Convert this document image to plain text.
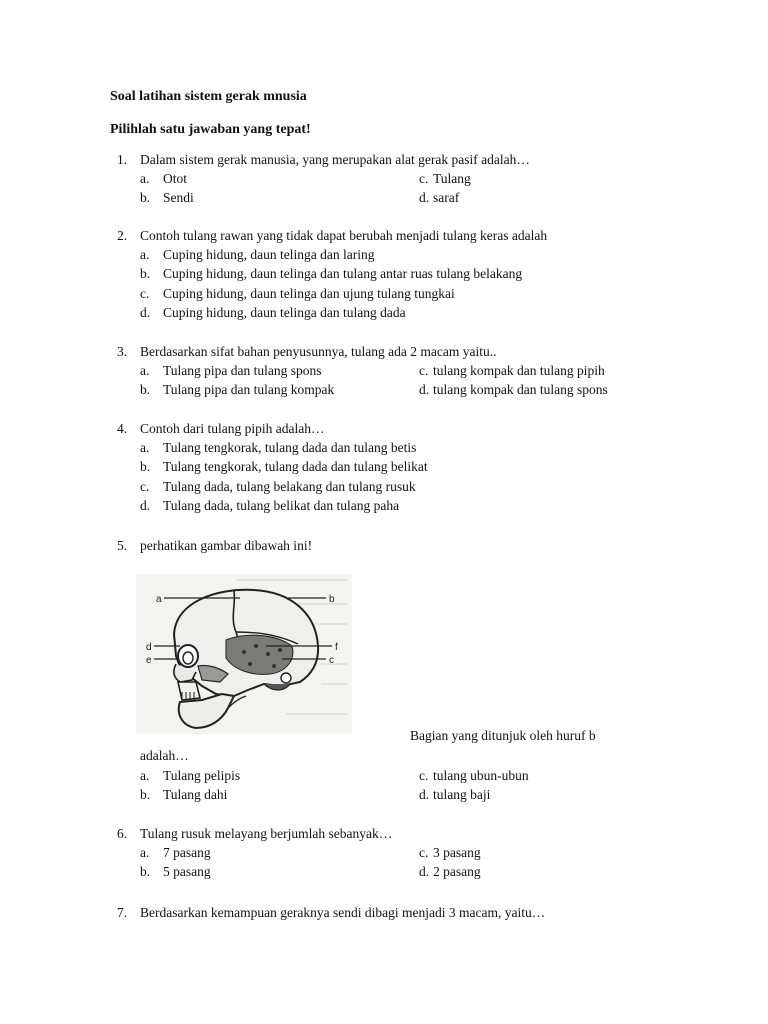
Soal latihan sistem gerak mnusia
Pilihlah satu jawaban yang tepat!
1. Dalam sistem gerak manusia, yang merupakan alat gerak pasif adalah…
a. Otot	c. Tulang
b. Sendi	d. saraf
2. Contoh tulang rawan yang tidak dapat berubah menjadi tulang keras adalah
a. Cuping hidung, daun telinga dan laring
b. Cuping hidung, daun telinga dan tulang antar ruas tulang belakang
c. Cuping hidung, daun telinga dan ujung tulang tungkai
d. Cuping hidung, daun telinga dan tulang dada
3. Berdasarkan sifat bahan penyusunnya, tulang ada 2 macam yaitu..
a. Tulang pipa dan tulang spons	c. tulang kompak dan tulang pipih
b. Tulang pipa dan tulang kompak	d. tulang kompak dan tulang spons
4. Contoh dari tulang pipih adalah…
a. Tulang tengkorak, tulang dada dan tulang betis
b. Tulang tengkorak, tulang dada dan tulang belikat
c. Tulang dada, tulang belakang dan tulang rusuk
d. Tulang dada, tulang belikat dan tulang paha
5. perhatikan gambar dibawah ini!
a	b
d	f
e	c
Bagian yang ditunjuk oleh huruf b
adalah…
a. Tulang pelipis	c. tulang ubun-ubun
b. Tulang dahi	d. tulang baji
6. Tulang rusuk melayang berjumlah sebanyak…
a. 7 pasang	c. 3 pasang
b. 5 pasang	d. 2 pasang
7. Berdasarkan kemampuan geraknya sendi dibagi menjadi 3 macam, yaitu…
